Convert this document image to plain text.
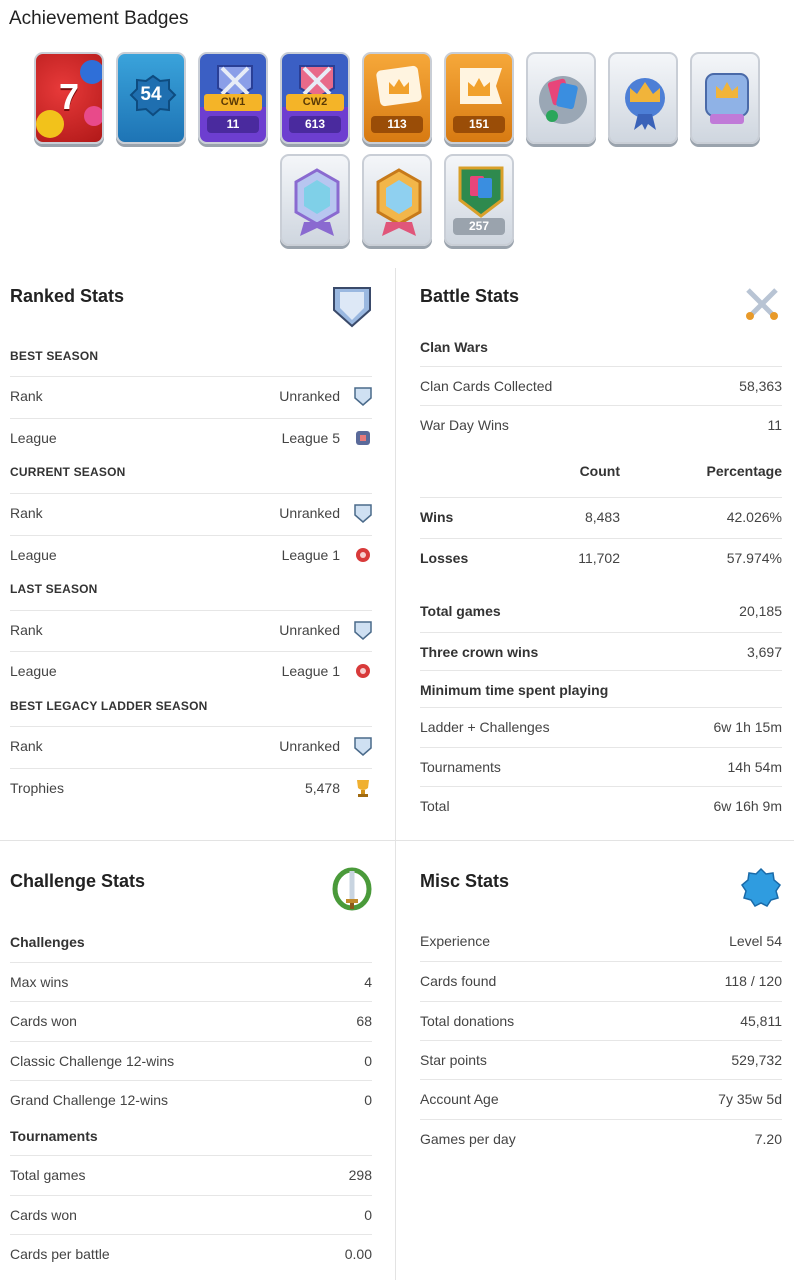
Achievement Badges
7	54	CW1
11
CW2
613	113	151
257
Ranked Stats
BEST SEASON
Rank	Unranked
League	League 5
CURRENT SEASON
Rank	Unranked
League	League 1
LAST SEASON
Rank	Unranked
League	League 1
BEST LEGACY LADDER SEASON
Rank	Unranked
Trophies	5,478
Battle Stats
Clan Wars
Clan Cards Collected	58,363
War Day Wins	11
Count	Percentage
Wins	8,483	42.026%
Losses	11,702	57.974%
Total games	20,185
Three crown wins	3,697
Minimum time spent playing
Ladder + Challenges	6w 1h 15m
Tournaments	14h 54m
Total	6w 16h 9m
Challenge Stats
Challenges
Max wins	4
Cards won	68
Classic Challenge 12-wins	0
Grand Challenge 12-wins	0
Tournaments
Total games	298
Cards won	0
Cards per battle	0.00
Misc Stats
Experience	Level 54
Cards found	118 / 120
Total donations	45,811
Star points	529,732
Account Age	7y 35w 5d
Games per day	7.20
